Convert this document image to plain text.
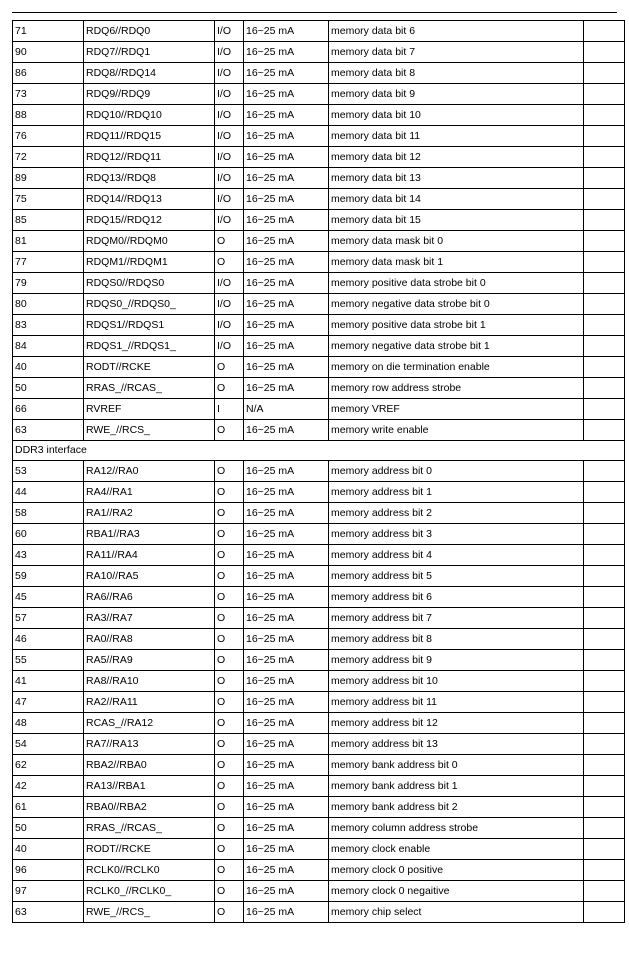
71	RDQ6//RDQ0	I/O	16~25 mA	memory data bit 6	
90	RDQ7//RDQ1	I/O	16~25 mA	memory data bit 7	
86	RDQ8//RDQ14	I/O	16~25 mA	memory data bit 8	
73	RDQ9//RDQ9	I/O	16~25 mA	memory data bit 9	
88	RDQ10//RDQ10	I/O	16~25 mA	memory data bit 10	
76	RDQ11//RDQ15	I/O	16~25 mA	memory data bit 11	
72	RDQ12//RDQ11	I/O	16~25 mA	memory data bit 12	
89	RDQ13//RDQ8	I/O	16~25 mA	memory data bit 13	
75	RDQ14//RDQ13	I/O	16~25 mA	memory data bit 14	
85	RDQ15//RDQ12	I/O	16~25 mA	memory data bit 15	
81	RDQM0//RDQM0	O	16~25 mA	memory data mask bit 0	
77	RDQM1//RDQM1	O	16~25 mA	memory data mask bit 1	
79	RDQS0//RDQS0	I/O	16~25 mA	memory positive data strobe bit 0	
80	RDQS0_//RDQS0_	I/O	16~25 mA	memory negative data strobe bit 0	
83	RDQS1//RDQS1	I/O	16~25 mA	memory positive data strobe bit 1	
84	RDQS1_//RDQS1_	I/O	16~25 mA	memory negative data strobe bit 1	
40	RODT//RCKE	O	16~25 mA	memory on die termination enable	
50	RRAS_//RCAS_	O	16~25 mA	memory row address strobe	
66	RVREF	I	N/A	memory VREF	
63	RWE_//RCS_	O	16~25 mA	memory write enable	
DDR3 interface					
53	RA12//RA0	O	16~25 mA	memory address bit 0	
44	RA4//RA1	O	16~25 mA	memory address bit 1	
58	RA1//RA2	O	16~25 mA	memory address bit 2	
60	RBA1//RA3	O	16~25 mA	memory address bit 3	
43	RA11//RA4	O	16~25 mA	memory address bit 4	
59	RA10//RA5	O	16~25 mA	memory address bit 5	
45	RA6//RA6	O	16~25 mA	memory address bit 6	
57	RA3//RA7	O	16~25 mA	memory address bit 7	
46	RA0//RA8	O	16~25 mA	memory address bit 8	
55	RA5//RA9	O	16~25 mA	memory address bit 9	
41	RA8//RA10	O	16~25 mA	memory address bit 10	
47	RA2//RA11	O	16~25 mA	memory address bit 11	
48	RCAS_//RA12	O	16~25 mA	memory address bit 12	
54	RA7//RA13	O	16~25 mA	memory address bit 13	
62	RBA2//RBA0	O	16~25 mA	memory bank address bit 0	
42	RA13//RBA1	O	16~25 mA	memory bank address bit 1	
61	RBA0//RBA2	O	16~25 mA	memory bank address bit 2	
50	RRAS_//RCAS_	O	16~25 mA	memory column address strobe	
40	RODT//RCKE	O	16~25 mA	memory clock enable	
96	RCLK0//RCLK0	O	16~25 mA	memory clock 0 positive	
97	RCLK0_//RCLK0_	O	16~25 mA	memory clock 0 negaitive	
63	RWE_//RCS_	O	16~25 mA	memory chip select	
